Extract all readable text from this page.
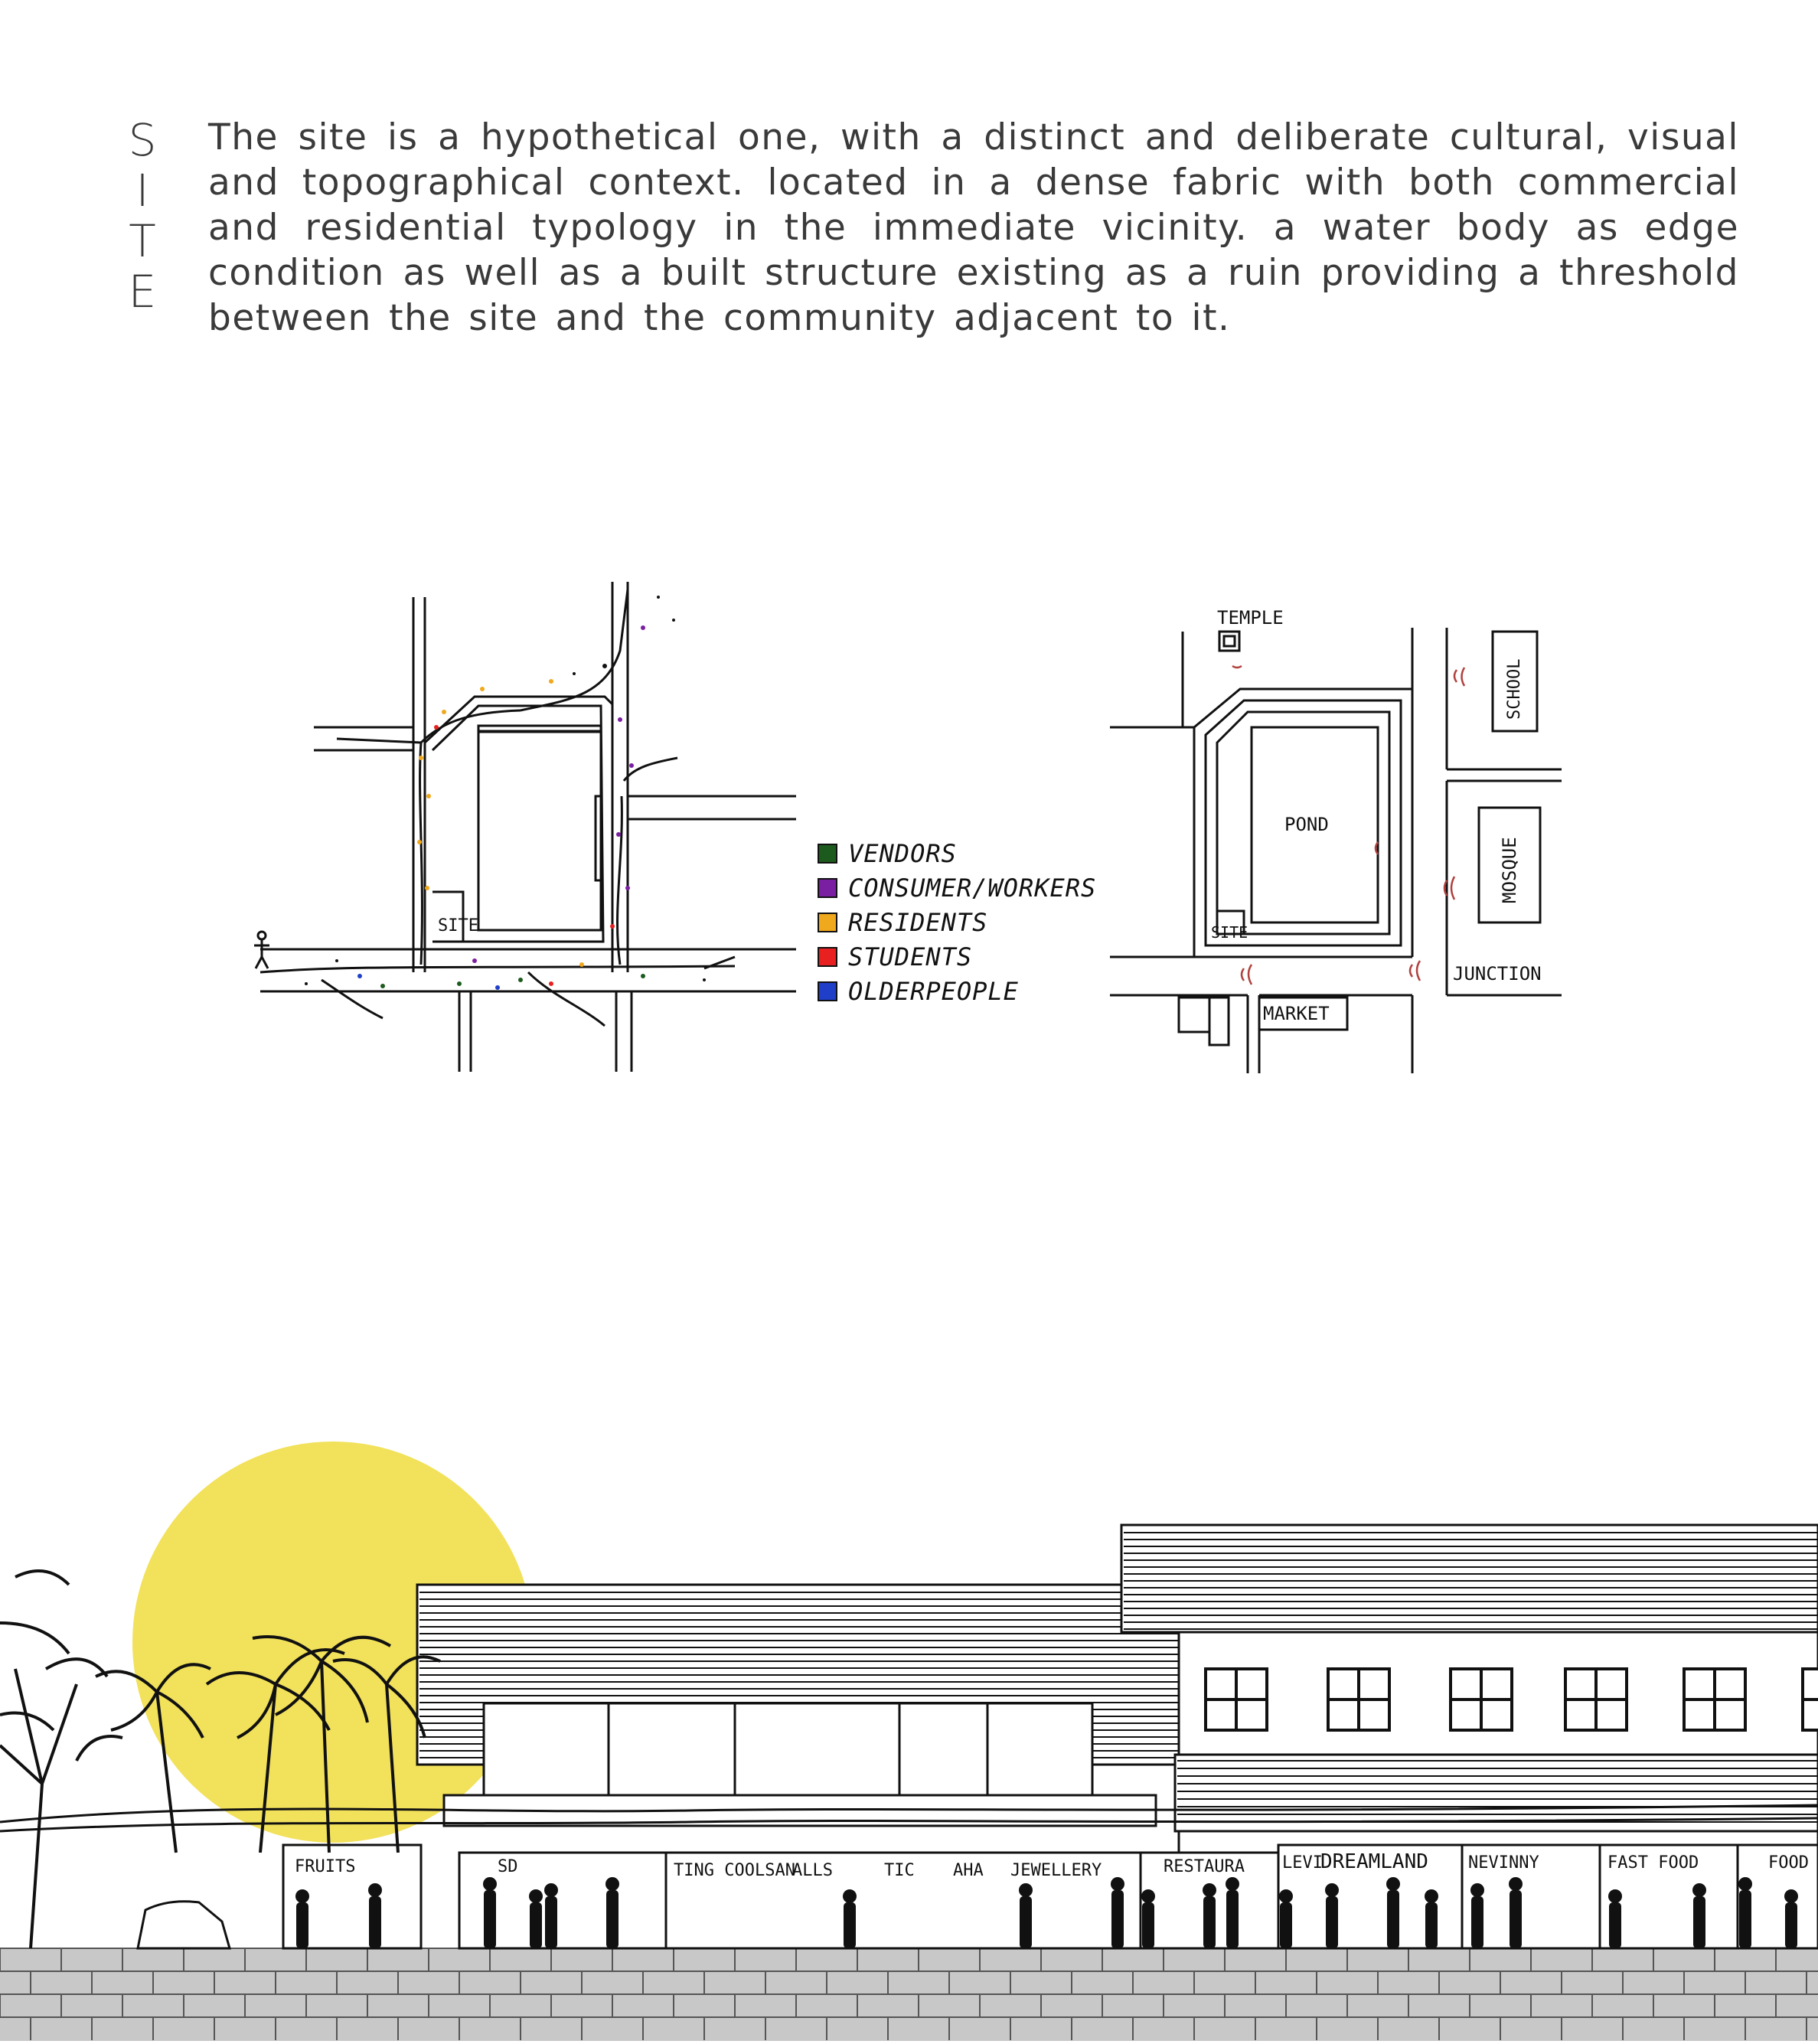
S
I
T
E

The site is a hypothetical one, with a distinct and deliberate cultural, visual and topographical context. located in a dense fabric with both commercial and residential typology in the immediate vicinity. a water body as edge condition as well as a built structure existing as a ruin providing a threshold between the site and the community adjacent to it.

SITE
VENDORS
CONSUMER/WORKERS
RESIDENTS
STUDENTS
OLDERPEOPLE
TEMPLE
SCHOOL
POND
MOSQUE
SITE
JUNCTION
MARKET
FRUITS	SD	TING COOLSAN
ALLS	TIC AHA JEWELLERY	RESTAURA LEVI
DREAMLAND NEVINNY	FAST FOOD	FOOD
